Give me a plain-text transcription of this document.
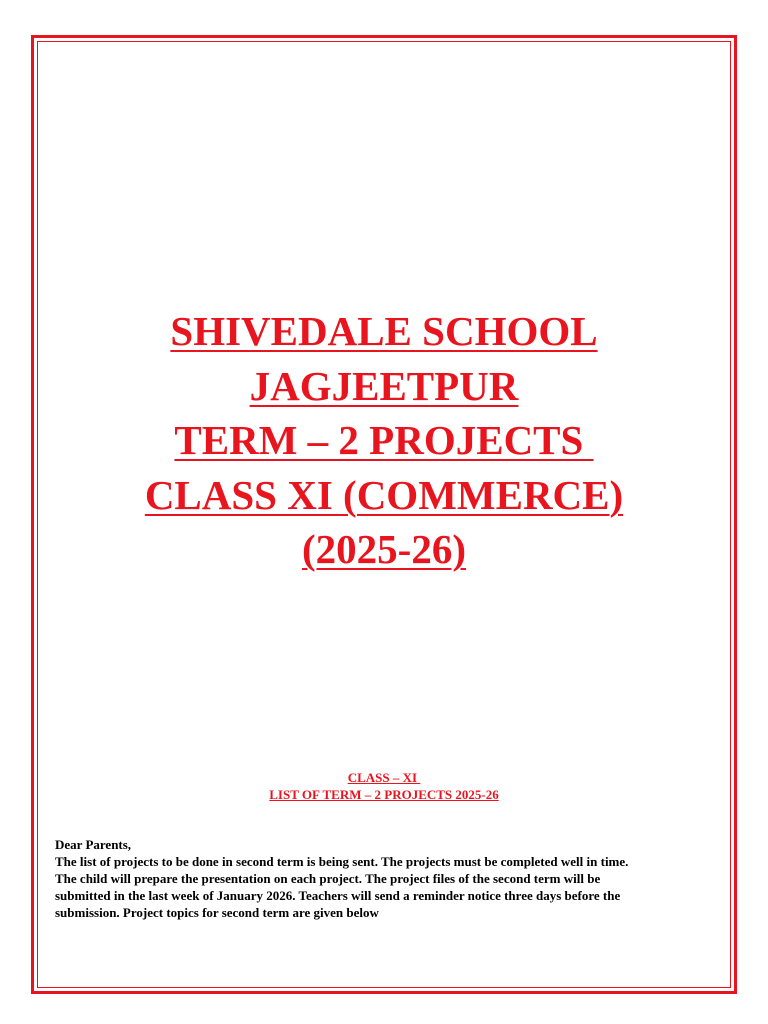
SHIVEDALE SCHOOL
JAGJEETPUR
TERM – 2 PROJECTS
CLASS XI (COMMERCE)
(2025-26)
CLASS – XI
LIST OF TERM – 2 PROJECTS 2025-26
Dear Parents,
The list of projects to be done in second term is being sent. The projects must be completed well in time.
The child will prepare the presentation on each project. The project files of the second term will be
submitted in the last week of January 2026. Teachers will send a reminder notice three days before the
submission. Project topics for second term are given below
